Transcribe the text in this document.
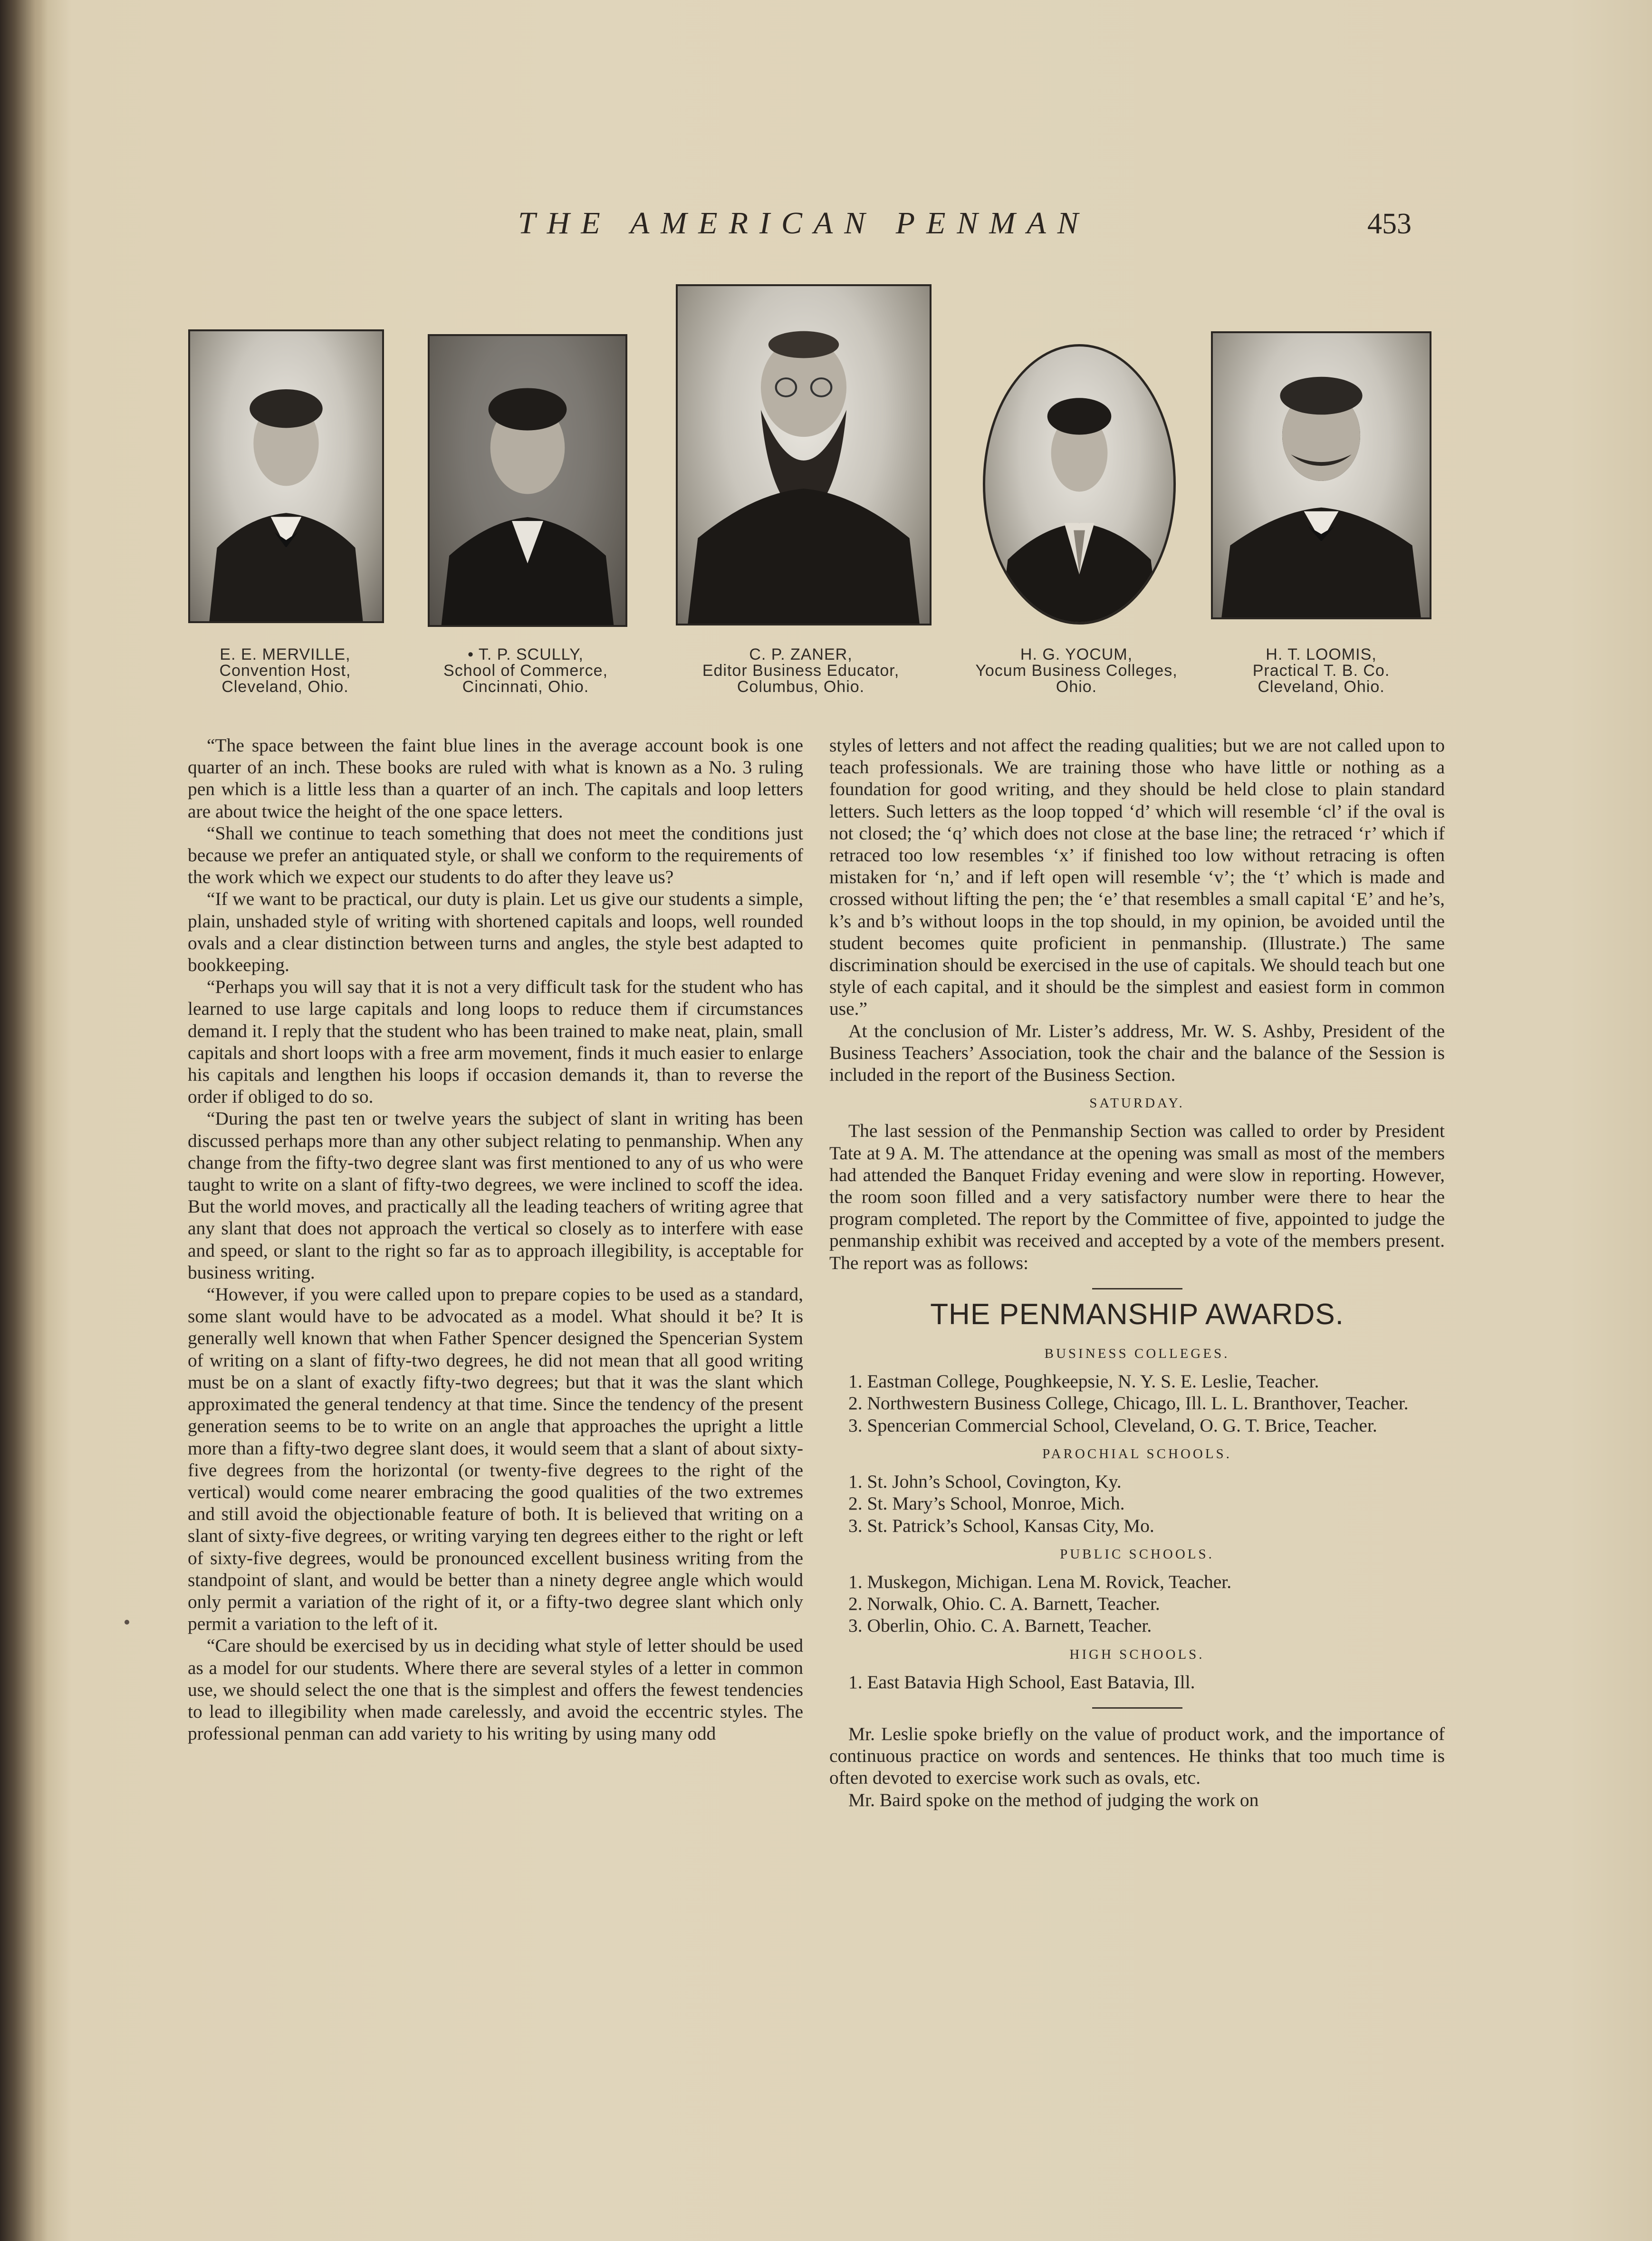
THE AMERICAN PENMAN	453
E. E. MERVILLE,
Convention Host,
Cleveland, Ohio.
• T. P. SCULLY,
School of Commerce,
Cincinnati, Ohio.
C. P. ZANER,
Editor Business Educator,
Columbus, Ohio.
H. G. YOCUM,
Yocum Business Colleges,
Ohio.
H. T. LOOMIS,
Practical T. B. Co.
Cleveland, Ohio.

“The space between the faint blue lines in the average account book is one quarter of an inch. These books are ruled with what is known as a No. 3 ruling pen which is a little less than a quarter of an inch. The capitals and loop letters are about twice the height of the one space letters.

“Shall we continue to teach something that does not meet the conditions just because we prefer an antiquated style, or shall we conform to the requirements of the work which we expect our students to do after they leave us?

“If we want to be practical, our duty is plain. Let us give our students a simple, plain, unshaded style of writing with shortened capitals and loops, well rounded ovals and a clear distinction between turns and angles, the style best adapted to bookkeeping.

“Perhaps you will say that it is not a very difficult task for the student who has learned to use large capitals and long loops to reduce them if circumstances demand it. I reply that the student who has been trained to make neat, plain, small capitals and short loops with a free arm movement, finds it much easier to enlarge his capitals and lengthen his loops if occasion demands it, than to reverse the order if obliged to do so.

“During the past ten or twelve years the subject of slant in writing has been discussed perhaps more than any other subject relating to penmanship. When any change from the fifty-two degree slant was first mentioned to any of us who were taught to write on a slant of fifty-two degrees, we were inclined to scoff the idea. But the world moves, and practically all the leading teachers of writing agree that any slant that does not approach the vertical so closely as to interfere with ease and speed, or slant to the right so far as to approach illegibility, is acceptable for business writing.

“However, if you were called upon to prepare copies to be used as a standard, some slant would have to be advocated as a model. What should it be? It is generally well known that when Father Spencer designed the Spencerian System of writing on a slant of fifty-two degrees, he did not mean that all good writing must be on a slant of exactly fifty-two degrees; but that it was the slant which approximated the general tendency at that time. Since the tendency of the present generation seems to be to write on an angle that approaches the upright a little more than a fifty-two degree slant does, it would seem that a slant of about sixty-five degrees from the horizontal (or twenty-five degrees to the right of the vertical) would come nearer embracing the good qualities of the two extremes and still avoid the objectionable feature of both. It is believed that writing on a slant of sixty-five degrees, or writing varying ten degrees either to the right or left of sixty-five degrees, would be pronounced excellent business writing from the standpoint of slant, and would be better than a ninety degree angle which would only permit a variation of the right of it, or a fifty-two degree slant which only permit a variation to the left of it.

“Care should be exercised by us in deciding what style of letter should be used as a model for our students. Where there are several styles of a letter in common use, we should select the one that is the simplest and offers the fewest tendencies to lead to illegibility when made carelessly, and avoid the eccentric styles. The professional penman can add variety to his writing by using many odd

styles of letters and not affect the reading qualities; but we are not called upon to teach professionals. We are training those who have little or nothing as a foundation for good writing, and they should be held close to plain standard letters. Such letters as the loop topped ‘d’ which will resemble ‘cl’ if the oval is not closed; the ‘q’ which does not close at the base line; the retraced ‘r’ which if retraced too low resembles ‘x’ if finished too low without retracing is often mistaken for ‘n,’ and if left open will resemble ‘v’; the ‘t’ which is made and crossed without lifting the pen; the ‘e’ that resembles a small capital ‘E’ and he’s, k’s and b’s without loops in the top should, in my opinion, be avoided until the student becomes quite proficient in penmanship. (Illustrate.) The same discrimination should be exercised in the use of capitals. We should teach but one style of each capital, and it should be the simplest and easiest form in common use.”

At the conclusion of Mr. Lister’s address, Mr. W. S. Ashby, President of the Business Teachers’ Association, took the chair and the balance of the Session is included in the report of the Business Section.

SATURDAY.

The last session of the Penmanship Section was called to order by President Tate at 9 A. M. The attendance at the opening was small as most of the members had attended the Banquet Friday evening and were slow in reporting. However, the room soon filled and a very satisfactory number were there to hear the program completed. The report by the Committee of five, appointed to judge the penmanship exhibit was received and accepted by a vote of the members present. The report was as follows:

THE PENMANSHIP AWARDS.
BUSINESS COLLEGES.

1. Eastman College, Poughkeepsie, N. Y. S. E. Leslie, Teacher.

2. Northwestern Business College, Chicago, Ill. L. L. Branthover, Teacher.

3. Spencerian Commercial School, Cleveland, O. G. T. Brice, Teacher.

PAROCHIAL SCHOOLS.

1. St. John’s School, Covington, Ky.

2. St. Mary’s School, Monroe, Mich.

3. St. Patrick’s School, Kansas City, Mo.

PUBLIC SCHOOLS.

1. Muskegon, Michigan. Lena M. Rovick, Teacher.

2. Norwalk, Ohio. C. A. Barnett, Teacher.

3. Oberlin, Ohio. C. A. Barnett, Teacher.

HIGH SCHOOLS.

1. East Batavia High School, East Batavia, Ill.

Mr. Leslie spoke briefly on the value of product work, and the importance of continuous practice on words and sentences. He thinks that too much time is often devoted to exercise work such as ovals, etc.

Mr. Baird spoke on the method of judging the work on
